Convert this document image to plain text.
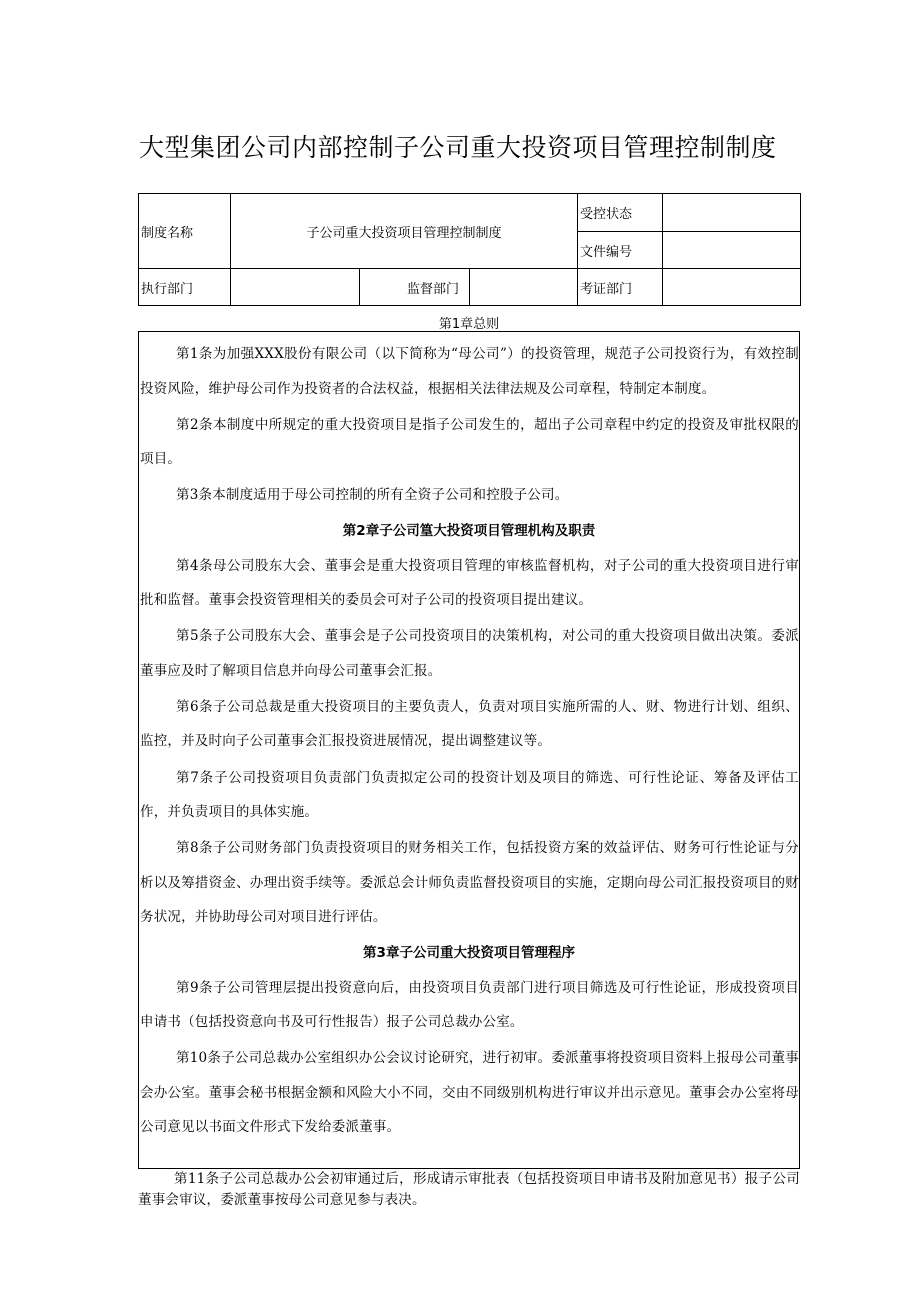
大型集团公司内部控制子公司重大投资项目管理控制制度
制度名称	子公司重大投资项目管理控制制度			受控状态	
				文件编号	
执行部门		监督部门		考证部门	
第1章总则

第1条为加强XXX股份有限公司（以下简称为“母公司”）的投资管理，规范子公司投资行为，有效控制投资风险，维护母公司作为投资者的合法权益，根据相关法律法规及公司章程，特制定本制度。

第2条本制度中所规定的重大投资项目是指子公司发生的，超出子公司章程中约定的投资及审批权限的项目。

第3条本制度适用于母公司控制的所有全资子公司和控股子公司。

第2章子公司篁大投资项目管理机构及职责

第4条母公司股东大会、董事会是重大投资项目管理的审核监督机构，对子公司的重大投资项目进行审批和监督。董事会投资管理相关的委员会可对子公司的投资项目提出建议。

第5条子公司股东大会、董事会是子公司投资项目的决策机构，对公司的重大投资项目做出决策。委派董事应及时了解项目信息并向母公司董事会汇报。

第6条子公司总裁是重大投资项目的主要负责人，负责对项目实施所需的人、财、物进行计划、组织、监控，并及时向子公司董事会汇报投资进展情况，提出调整建议等。

第7条子公司投资项目负责部门负责拟定公司的投资计划及项目的筛选、可行性论证、筹备及评估工作，并负责项目的具体实施。

第8条子公司财务部门负责投资项目的财务相关工作，包括投资方案的效益评估、财务可行性论证与分析以及筹措资金、办理出资手续等。委派总会计师负责监督投资项目的实施，定期向母公司汇报投资项目的财务状况，并协助母公司对项目进行评估。

第3章子公司重大投资项目管理程序

第9条子公司管理层提出投资意向后，由投资项目负责部门进行项目筛选及可行性论证，形成投资项目申请书（包括投资意向书及可行性报告）报子公司总裁办公室。

第10条子公司总裁办公室组织办公会议讨论研究，进行初审。委派董事将投资项目资料上报母公司董事会办公室。董事会秘书根据金额和风险大小不同，交由不同级别机构进行审议并出示意见。董事会办公室将母公司意见以书面文件形式下发给委派董事。

第11条子公司总裁办公会初审通过后，形成请示审批表（包括投资项目申请书及附加意见书）报子公司董事会审议，委派董事按母公司意见参与表决。
